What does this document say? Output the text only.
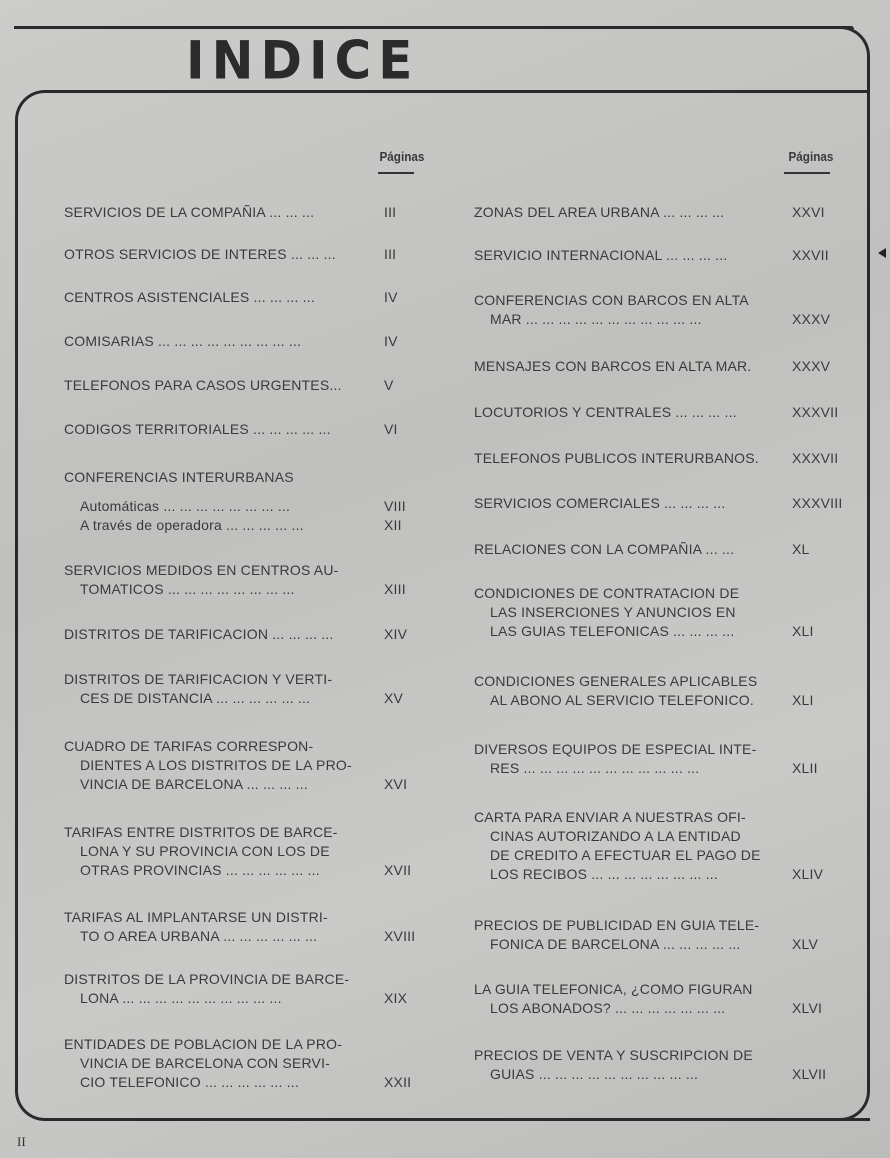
INDICE
Páginas	Páginas
SERVICIOS DE LA COMPAÑIA ... ... ...	III
OTROS SERVICIOS DE INTERES ... ... ...	III
CENTROS ASISTENCIALES ... ... ... ...	IV
COMISARIAS ... ... ... ... ... ... ... ... ...	IV
TELEFONOS PARA CASOS URGENTES...	V
CODIGOS TERRITORIALES ... ... ... ... ...	VI
CONFERENCIAS INTERURBANAS
Automáticas ... ... ... ... ... ... ... ...	VIII
A través de operadora ... ... ... ... ...	XII
SERVICIOS MEDIDOS EN CENTROS AU-
TOMATICOS ... ... ... ... ... ... ... ...	XIII
DISTRITOS DE TARIFICACION ... ... ... ...	XIV
DISTRITOS DE TARIFICACION Y VERTI-
CES DE DISTANCIA ... ... ... ... ... ...	XV
CUADRO DE TARIFAS CORRESPON-
DIENTES A LOS DISTRITOS DE LA PRO-
VINCIA DE BARCELONA ... ... ... ...	XVI
TARIFAS ENTRE DISTRITOS DE BARCE-
LONA Y SU PROVINCIA CON LOS DE
OTRAS PROVINCIAS ... ... ... ... ... ...	XVII
TARIFAS AL IMPLANTARSE UN DISTRI-
TO O AREA URBANA ... ... ... ... ... ...	XVIII
DISTRITOS DE LA PROVINCIA DE BARCE-
LONA ... ... ... ... ... ... ... ... ... ...	XIX
ENTIDADES DE POBLACION DE LA PRO-
VINCIA DE BARCELONA CON SERVI-
CIO TELEFONICO ... ... ... ... ... ...	XXII
ZONAS DEL AREA URBANA ... ... ... ...	XXVI
SERVICIO INTERNACIONAL ... ... ... ...	XXVII
CONFERENCIAS CON BARCOS EN ALTA
MAR ... ... ... ... ... ... ... ... ... ... ...	XXXV
MENSAJES CON BARCOS EN ALTA MAR.	XXXV
LOCUTORIOS Y CENTRALES ... ... ... ...	XXXVII
TELEFONOS PUBLICOS INTERURBANOS. XXXVII
SERVICIOS COMERCIALES ... ... ... ...	XXXVIII
RELACIONES CON LA COMPAÑIA ... ...	XL
CONDICIONES DE CONTRATACION DE
LAS INSERCIONES Y ANUNCIOS EN
LAS GUIAS TELEFONICAS ... ... ... ...	XLI
CONDICIONES GENERALES APLICABLES
AL ABONO AL SERVICIO TELEFONICO.	XLI
DIVERSOS EQUIPOS DE ESPECIAL INTE-
RES ... ... ... ... ... ... ... ... ... ... ...	XLII
CARTA PARA ENVIAR A NUESTRAS OFI-
CINAS AUTORIZANDO A LA ENTIDAD
DE CREDITO A EFECTUAR EL PAGO DE
LOS RECIBOS ... ... ... ... ... ... ... ...	XLIV
PRECIOS DE PUBLICIDAD EN GUIA TELE-
FONICA DE BARCELONA ... ... ... ... ...	XLV
LA GUIA TELEFONICA, ¿COMO FIGURAN
LOS ABONADOS? ... ... ... ... ... ... ...	XLVI
PRECIOS DE VENTA Y SUSCRIPCION DE
GUIAS ... ... ... ... ... ... ... ... ... ...	XLVII
II
